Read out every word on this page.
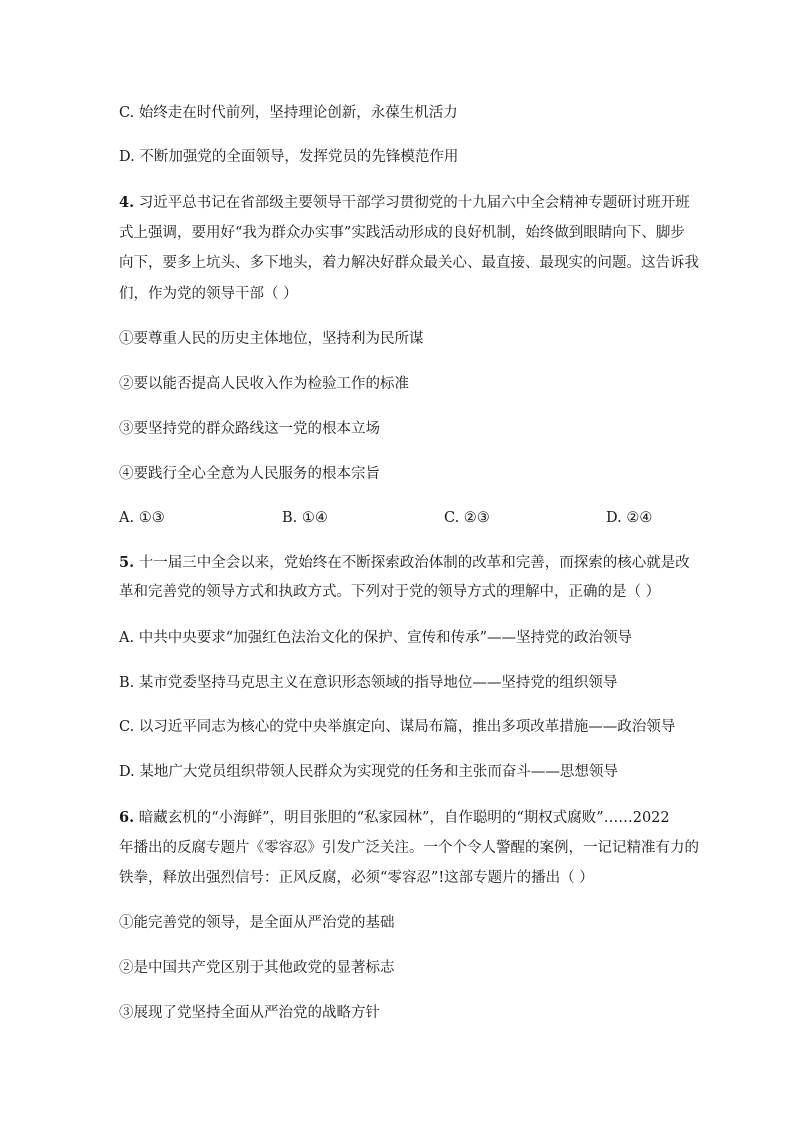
C. 始终走在时代前列，坚持理论创新，永葆生机活力
D. 不断加强党的全面领导，发挥党员的先锋模范作用
4. 习近平总书记在省部级主要领导干部学习贯彻党的十九届六中全会精神专题研讨班开班
式上强调，要用好“我为群众办实事”实践活动形成的良好机制，始终做到眼睛向下、脚步
向下，要多上坑头、多下地头，着力解决好群众最关心、最直接、最现实的问题。这告诉我
们，作为党的领导干部（ ）
①要尊重人民的历史主体地位，坚持利为民所谋
②要以能否提高人民收入作为检验工作的标准
③要坚持党的群众路线这一党的根本立场
④要践行全心全意为人民服务的根本宗旨
A. ①③	B. ①④	C. ②③	D. ②④
5. 十一届三中全会以来，党始终在不断探索政治体制的改革和完善，而探索的核心就是改
革和完善党的领导方式和执政方式。下列对于党的领导方式的理解中，正确的是（ ）
A. 中共中央要求“加强红色法治文化的保护、宣传和传承”——坚持党的政治领导
B. 某市党委坚持马克思主义在意识形态领域的指导地位——坚持党的组织领导
C. 以习近平同志为核心的党中央举旗定向、谋局布篇，推出多项改革措施——政治领导
D. 某地广大党员组织带领人民群众为实现党的任务和主张而奋斗——思想领导
6. 暗藏玄机的“小海鲜”，明目张胆的“私家园林”，自作聪明的“期权式腐败”……2022
年播出的反腐专题片《零容忍》引发广泛关注。一个个令人警醒的案例，一记记精准有力的
铁拳，释放出强烈信号：正风反腐，必须“零容忍”!这部专题片的播出（ ）
①能完善党的领导，是全面从严治党的基础
②是中国共产党区别于其他政党的显著标志
③展现了党坚持全面从严治党的战略方针
